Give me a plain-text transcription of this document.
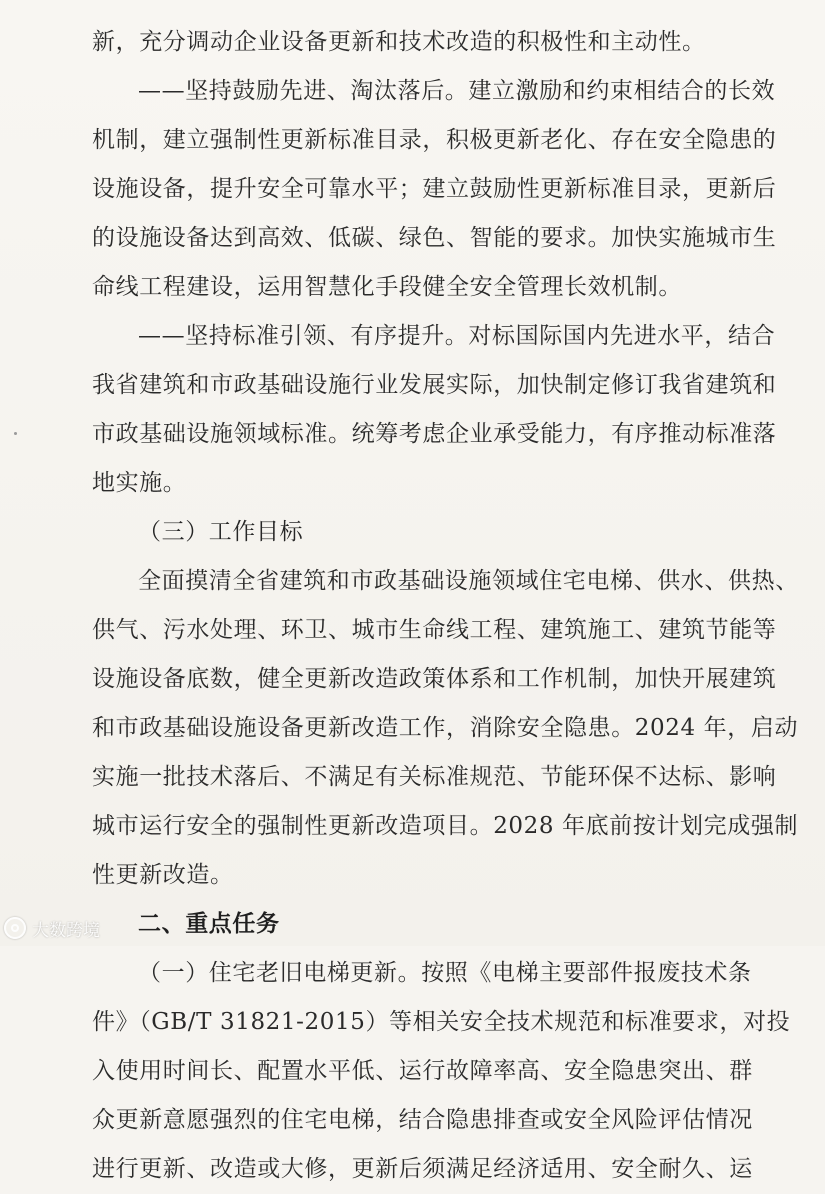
新，充分调动企业设备更新和技术改造的积极性和主动性。
——坚持鼓励先进、淘汰落后。建立激励和约束相结合的长效
机制，建立强制性更新标准目录，积极更新老化、存在安全隐患的
设施设备，提升安全可靠水平；建立鼓励性更新标准目录，更新后
的设施设备达到高效、低碳、绿色、智能的要求。加快实施城市生
命线工程建设，运用智慧化手段健全安全管理长效机制。
——坚持标准引领、有序提升。对标国际国内先进水平，结合
我省建筑和市政基础设施行业发展实际，加快制定修订我省建筑和
市政基础设施领域标准。统筹考虑企业承受能力，有序推动标准落
地实施。
（三）工作目标
全面摸清全省建筑和市政基础设施领域住宅电梯、供水、供热、
供气、污水处理、环卫、城市生命线工程、建筑施工、建筑节能等
设施设备底数，健全更新改造政策体系和工作机制，加快开展建筑
和市政基础设施设备更新改造工作，消除安全隐患。2024 年，启动
实施一批技术落后、不满足有关标准规范、节能环保不达标、影响
城市运行安全的强制性更新改造项目。2028 年底前按计划完成强制
性更新改造。
二、重点任务
（一）住宅老旧电梯更新。按照《电梯主要部件报废技术条
件》（GB/T 31821-2015）等相关安全技术规范和标准要求，对投
入使用时间长、配置水平低、运行故障率高、安全隐患突出、群
众更新意愿强烈的住宅电梯，结合隐患排查或安全风险评估情况
进行更新、改造或大修，更新后须满足经济适用、安全耐久、运
大数跨境
